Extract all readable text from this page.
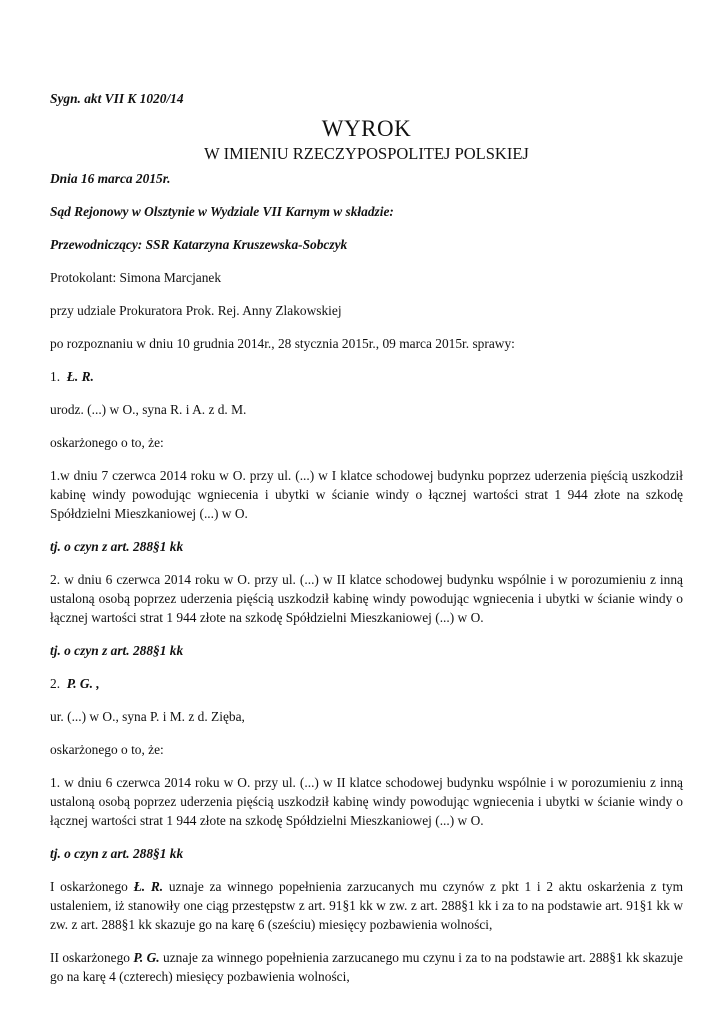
Sygn. akt VII K 1020/14

WYROK

W IMIENIU RZECZYPOSPOLITEJ POLSKIEJ

Dnia 16 marca 2015r.

Sąd Rejonowy w Olsztynie w Wydziale VII Karnym w składzie:

Przewodniczący: SSR Katarzyna Kruszewska-Sobczyk

Protokolant: Simona Marcjanek

przy udziale Prokuratora Prok. Rej. Anny Zlakowskiej

po rozpoznaniu w dniu 10 grudnia 2014r., 28 stycznia 2015r., 09 marca 2015r. sprawy:

1. Ł. R.

urodz. (...) w O., syna R. i A. z d. M.

oskarżonego o to, że:

1.w dniu 7 czerwca 2014 roku w O. przy ul. (...) w I klatce schodowej budynku poprzez uderzenia pięścią uszkodził kabinę windy powodując wgniecenia i ubytki w ścianie windy o łącznej wartości strat 1 944 złote na szkodę Spółdzielni Mieszkaniowej (...) w O.

tj. o czyn z art. 288§1 kk

2. w dniu 6 czerwca 2014 roku w O. przy ul. (...) w II klatce schodowej budynku wspólnie i w porozumieniu z inną ustaloną osobą poprzez uderzenia pięścią uszkodził kabinę windy powodując wgniecenia i ubytki w ścianie windy o łącznej wartości strat 1 944 złote na szkodę Spółdzielni Mieszkaniowej (...) w O.

tj. o czyn z art. 288§1 kk

2. P. G. ,

ur. (...) w O., syna P. i M. z d. Zięba,

oskarżonego o to, że:

1. w dniu 6 czerwca 2014 roku w O. przy ul. (...) w II klatce schodowej budynku wspólnie i w porozumieniu z inną ustaloną osobą poprzez uderzenia pięścią uszkodził kabinę windy powodując wgniecenia i ubytki w ścianie windy o łącznej wartości strat 1 944 złote na szkodę Spółdzielni Mieszkaniowej (...) w O.

tj. o czyn z art. 288§1 kk

I oskarżonego Ł. R. uznaje za winnego popełnienia zarzucanych mu czynów z pkt 1 i 2 aktu oskarżenia z tym ustaleniem, iż stanowiły one ciąg przestępstw z art. 91§1 kk w zw. z art. 288§1 kk i za to na podstawie art. 91§1 kk w zw. z art. 288§1 kk skazuje go na karę 6 (sześciu) miesięcy pozbawienia wolności,

II oskarżonego P. G. uznaje za winnego popełnienia zarzucanego mu czynu i za to na podstawie art. 288§1 kk skazuje go na karę 4 (czterech) miesięcy pozbawienia wolności,
